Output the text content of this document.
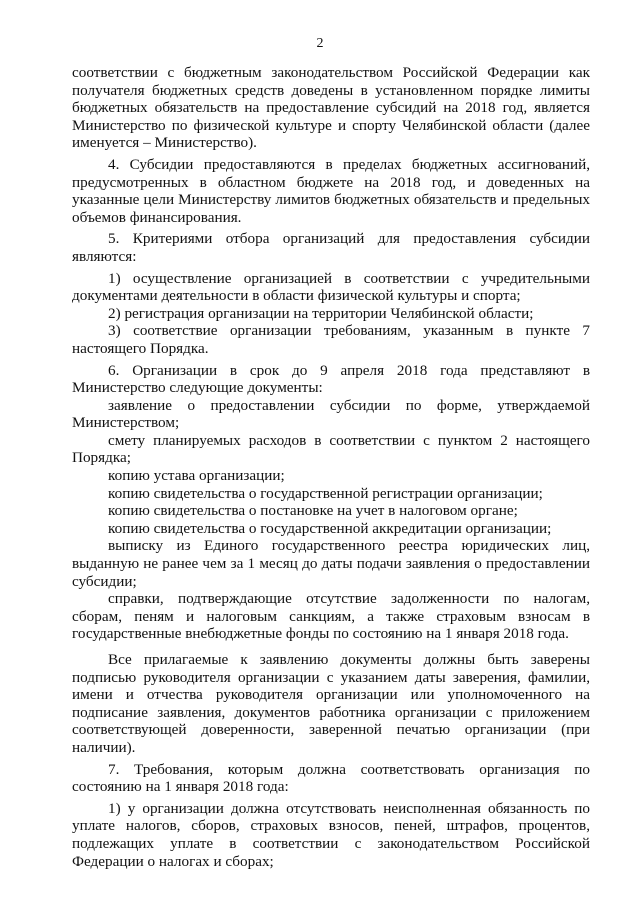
2

соответствии с бюджетным законодательством Российской Федерации как получателя бюджетных средств доведены в установленном порядке лимиты бюджетных обязательств на предоставление субсидий на 2018 год, является Министерство по физической культуре и спорту Челябинской области (далее именуется – Министерство).

4. Субсидии предоставляются в пределах бюджетных ассигнований, предусмотренных в областном бюджете на 2018 год, и доведенных на указанные цели Министерству лимитов бюджетных обязательств и предельных объемов финансирования.

5. Критериями отбора организаций для предоставления субсидии являются:

1) осуществление организацией в соответствии с учредительными документами деятельности в области физической культуры и спорта;

2) регистрация организации на территории Челябинской области;

3) соответствие организации требованиям, указанным в пункте 7 настоящего Порядка.

6. Организации в срок до 9 апреля 2018 года представляют в Министерство следующие документы:

заявление о предоставлении субсидии по форме, утверждаемой Министерством;

смету планируемых расходов в соответствии с пунктом 2 настоящего Порядка;

копию устава организации;

копию свидетельства о государственной регистрации организации;

копию свидетельства о постановке на учет в налоговом органе;

копию свидетельства о государственной аккредитации организации;

выписку из Единого государственного реестра юридических лиц, выданную не ранее чем за 1 месяц до даты подачи заявления о предоставлении субсидии;

справки, подтверждающие отсутствие задолженности по налогам, сборам, пеням и налоговым санкциям, а также страховым взносам в государственные внебюджетные фонды по состоянию на 1 января 2018 года.

Все прилагаемые к заявлению документы должны быть заверены подписью руководителя организации с указанием даты заверения, фамилии, имени и отчества руководителя организации или уполномоченного на подписание заявления, документов работника организации с приложением соответствующей доверенности, заверенной печатью организации (при наличии).

7. Требования, которым должна соответствовать организация по состоянию на 1 января 2018 года:

1) у организации должна отсутствовать неисполненная обязанность по уплате налогов, сборов, страховых взносов, пеней, штрафов, процентов, подлежащих уплате в соответствии с законодательством Российской Федерации о налогах и сборах;
